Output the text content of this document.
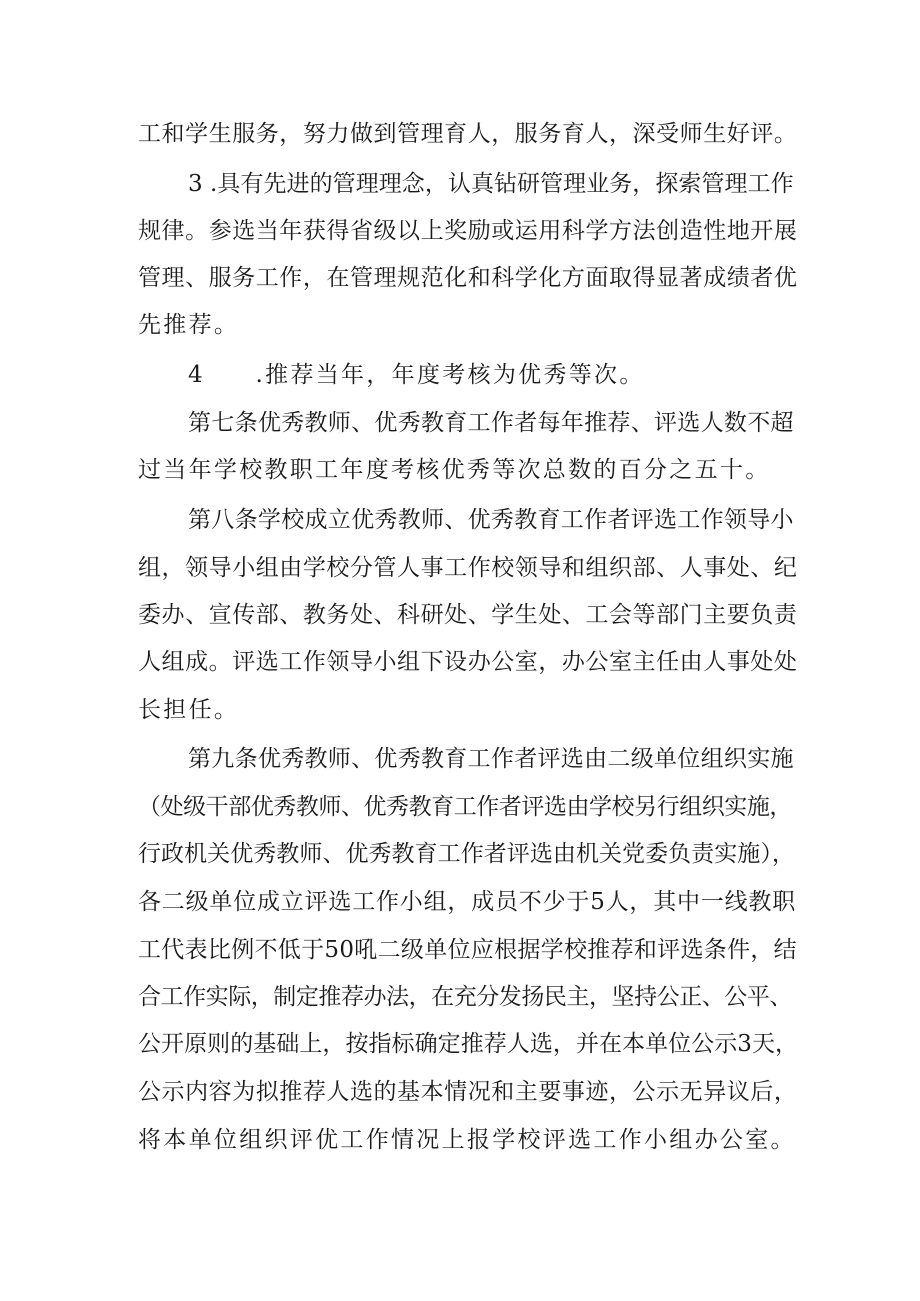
工和学生服务，努力做到管理育人，服务育人，深受师生好评。
3 .具有先进的管理理念，认真钻研管理业务，探索管理工作
规律。参选当年获得省级以上奖励或运用科学方法创造性地开展
管理、服务工作，在管理规范化和科学化方面取得显著成绩者优
先推荐。
4　　.推荐当年，年度考核为优秀等次。
第七条优秀教师、优秀教育工作者每年推荐、评选人数不超
过当年学校教职工年度考核优秀等次总数的百分之五十。
第八条学校成立优秀教师、优秀教育工作者评选工作领导小
组，领导小组由学校分管人事工作校领导和组织部、人事处、纪
委办、宣传部、教务处、科研处、学生处、工会等部门主要负责
人组成。评选工作领导小组下设办公室，办公室主任由人事处处
长担任。
第九条优秀教师、优秀教育工作者评选由二级单位组织实施
（处级干部优秀教师、优秀教育工作者评选由学校另行组织实施，
行政机关优秀教师、优秀教育工作者评选由机关党委负责实施），
各二级单位成立评选工作小组，成员不少于5人，其中一线教职
工代表比例不低于50吼二级单位应根据学校推荐和评选条件，结
合工作实际，制定推荐办法，在充分发扬民主，坚持公正、公平、
公开原则的基础上，按指标确定推荐人选，并在本单位公示3天，
公示内容为拟推荐人选的基本情况和主要事迹，公示无异议后，
将本单位组织评优工作情况上报学校评选工作小组办公室。
